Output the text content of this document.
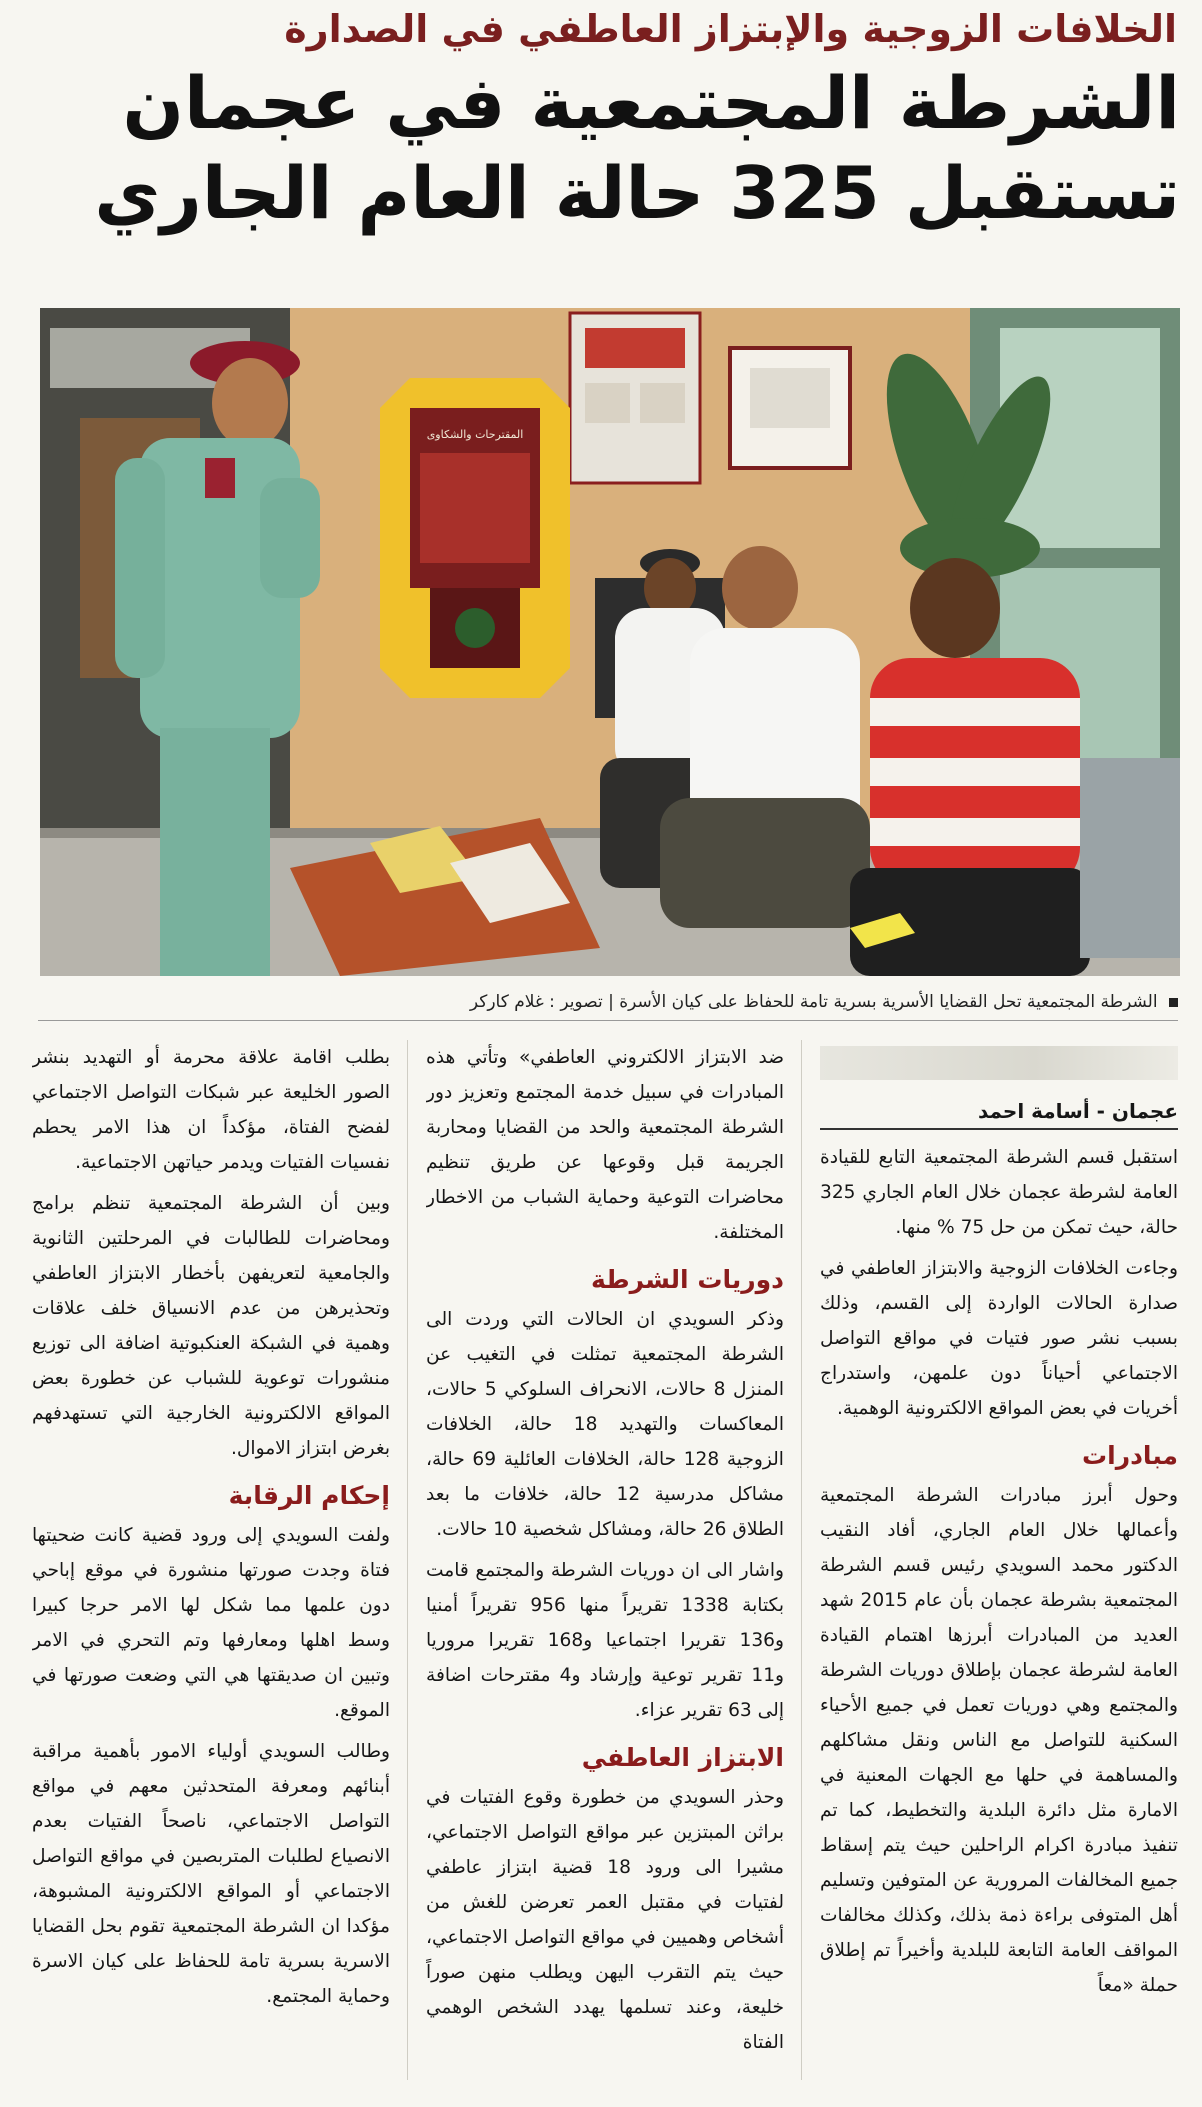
الخلافات الزوجية والإبتزاز العاطفي في الصدارة
الشرطة المجتمعية في عجمان تستقبل 325 حالة العام الجاري
المقترحات والشكاوى
الشرطة المجتمعية تحل القضايا الأسرية بسرية تامة للحفاظ على كيان الأسرة | تصوير : غلام كاركر
عجمان - أسامة احمد

استقبل قسم الشرطة المجتمعية التابع للقيادة العامة لشرطة عجمان خلال العام الجاري 325 حالة، حيث تمكن من حل 75 % منها.

وجاءت الخلافات الزوجية والابتزاز العاطفي في صدارة الحالات الواردة إلى القسم، وذلك بسبب نشر صور فتيات في مواقع التواصل الاجتماعي أحياناً دون علمهن، واستدراج أخريات في بعض المواقع الالكترونية الوهمية.

مبادرات

وحول أبرز مبادرات الشرطة المجتمعية وأعمالها خلال العام الجاري، أفاد النقيب الدكتور محمد السويدي رئيس قسم الشرطة المجتمعية بشرطة عجمان بأن عام 2015 شهد العديد من المبادرات أبرزها اهتمام القيادة العامة لشرطة عجمان بإطلاق دوريات الشرطة والمجتمع وهي دوريات تعمل في جميع الأحياء السكنية للتواصل مع الناس ونقل مشاكلهم والمساهمة في حلها مع الجهات المعنية في الامارة مثل دائرة البلدية والتخطيط، كما تم تنفيذ مبادرة اكرام الراحلين حيث يتم إسقاط جميع المخالفات المرورية عن المتوفين وتسليم أهل المتوفى براءة ذمة بذلك، وكذلك مخالفات المواقف العامة التابعة للبلدية وأخيراً تم إطلاق حملة «معاً

ضد الابتزاز الالكتروني العاطفي» وتأتي هذه المبادرات في سبيل خدمة المجتمع وتعزيز دور الشرطة المجتمعية والحد من القضايا ومحاربة الجريمة قبل وقوعها عن طريق تنظيم محاضرات التوعية وحماية الشباب من الاخطار المختلفة.

دوريات الشرطة

وذكر السويدي ان الحالات التي وردت الى الشرطة المجتمعية تمثلت في التغيب عن المنزل 8 حالات، الانحراف السلوكي 5 حالات، المعاكسات والتهديد 18 حالة، الخلافات الزوجية 128 حالة، الخلافات العائلية 69 حالة، مشاكل مدرسية 12 حالة، خلافات ما بعد الطلاق 26 حالة، ومشاكل شخصية 10 حالات.

واشار الى ان دوريات الشرطة والمجتمع قامت بكتابة 1338 تقريراً منها 956 تقريراً أمنيا و136 تقريرا اجتماعيا و168 تقريرا مروريا و11 تقرير توعية وإرشاد و4 مقترحات اضافة إلى 63 تقرير عزاء.

الابتزاز العاطفي

وحذر السويدي من خطورة وقوع الفتيات في براثن المبتزين عبر مواقع التواصل الاجتماعي، مشيرا الى ورود 18 قضية ابتزاز عاطفي لفتيات في مقتبل العمر تعرضن للغش من أشخاص وهميين في مواقع التواصل الاجتماعي، حيث يتم التقرب اليهن ويطلب منهن صوراً خليعة، وعند تسلمها يهدد الشخص الوهمي الفتاة

بطلب اقامة علاقة محرمة أو التهديد بنشر الصور الخليعة عبر شبكات التواصل الاجتماعي لفضح الفتاة، مؤكداً ان هذا الامر يحطم نفسيات الفتيات ويدمر حياتهن الاجتماعية.

وبين أن الشرطة المجتمعية تنظم برامج ومحاضرات للطالبات في المرحلتين الثانوية والجامعية لتعريفهن بأخطار الابتزاز العاطفي وتحذيرهن من عدم الانسياق خلف علاقات وهمية في الشبكة العنكبوتية اضافة الى توزيع منشورات توعوية للشباب عن خطورة بعض المواقع الالكترونية الخارجية التي تستهدفهم بغرض ابتزاز الاموال.

إحكام الرقابة

ولفت السويدي إلى ورود قضية كانت ضحيتها فتاة وجدت صورتها منشورة في موقع إباحي دون علمها مما شكل لها الامر حرجا كبيرا وسط اهلها ومعارفها وتم التحري في الامر وتبين ان صديقتها هي التي وضعت صورتها في الموقع.

وطالب السويدي أولياء الامور بأهمية مراقبة أبنائهم ومعرفة المتحدثين معهم في مواقع التواصل الاجتماعي، ناصحاً الفتيات بعدم الانصياع لطلبات المتربصين في مواقع التواصل الاجتماعي أو المواقع الالكترونية المشبوهة، مؤكدا ان الشرطة المجتمعية تقوم بحل القضايا الاسرية بسرية تامة للحفاظ على كيان الاسرة وحماية المجتمع.
